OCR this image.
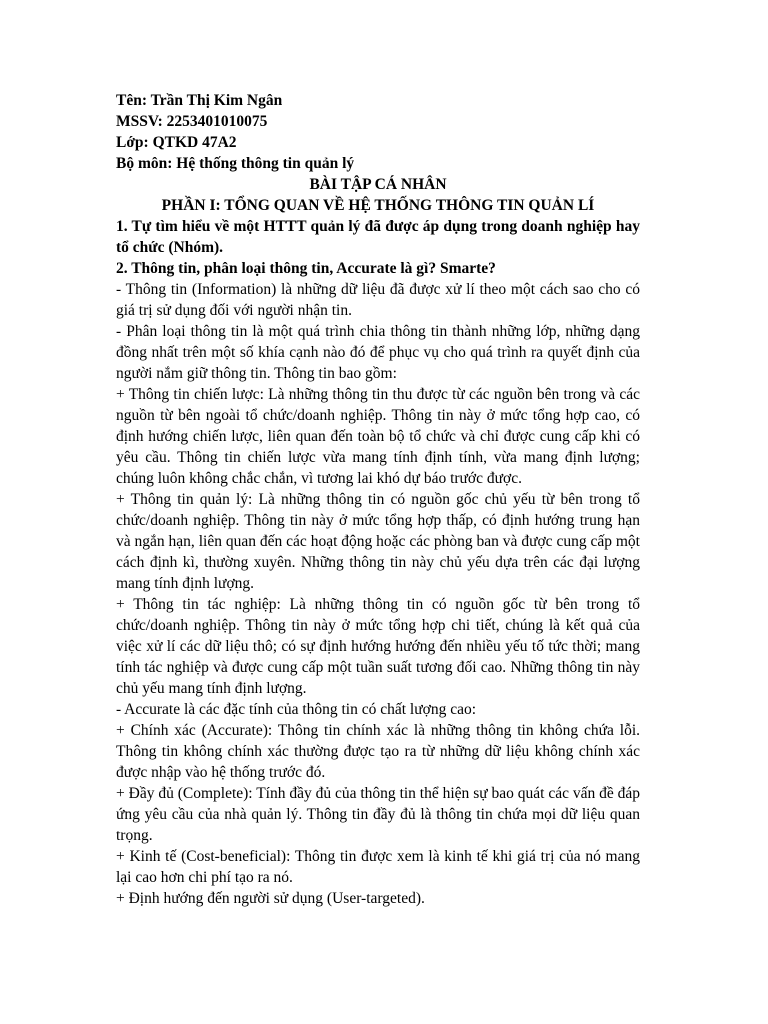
Tên: Trần Thị Kim Ngân
MSSV: 2253401010075
Lớp: QTKD 47A2
Bộ môn: Hệ thống thông tin quản lý
BÀI TẬP CÁ NHÂN
PHẦN I: TỔNG QUAN VỀ HỆ THỐNG THÔNG TIN QUẢN LÍ
1. Tự tìm hiểu về một HTTT quản lý đã được áp dụng trong doanh nghiệp hay tổ chức (Nhóm).
2. Thông tin, phân loại thông tin, Accurate là gì? Smarte?
- Thông tin (Information) là những dữ liệu đã được xử lí theo một cách sao cho có giá trị sử dụng đối với người nhận tin.
- Phân loại thông tin là một quá trình chia thông tin thành những lớp, những dạng đồng nhất trên một số khía cạnh nào đó để phục vụ cho quá trình ra quyết định của người nắm giữ thông tin. Thông tin bao gồm:
+ Thông tin chiến lược: Là những thông tin thu được từ các nguồn bên trong và các nguồn từ bên ngoài tổ chức/doanh nghiệp. Thông tin này ở mức tổng hợp cao, có định hướng chiến lược, liên quan đến toàn bộ tổ chức và chỉ được cung cấp khi có yêu cầu. Thông tin chiến lược vừa mang tính định tính, vừa mang định lượng; chúng luôn không chắc chắn, vì tương lai khó dự báo trước được.
+ Thông tin quản lý: Là những thông tin có nguồn gốc chủ yếu từ bên trong tổ chức/doanh nghiệp. Thông tin này ở mức tổng hợp thấp, có định hướng trung hạn và ngắn hạn, liên quan đến các hoạt động hoặc các phòng ban và được cung cấp một cách định kì, thường xuyên. Những thông tin này chủ yếu dựa trên các đại lượng mang tính định lượng.
+ Thông tin tác nghiệp: Là những thông tin có nguồn gốc từ bên trong tổ chức/doanh nghiệp. Thông tin này ở mức tổng hợp chi tiết, chúng là kết quả của việc xử lí các dữ liệu thô; có sự định hướng hướng đến nhiều yếu tố tức thời; mang tính tác nghiệp và được cung cấp một tuần suất tương đối cao. Những thông tin này chủ yếu mang tính định lượng.
- Accurate là các đặc tính của thông tin có chất lượng cao:
+ Chính xác (Accurate): Thông tin chính xác là những thông tin không chứa lỗi. Thông tin không chính xác thường được tạo ra từ những dữ liệu không chính xác được nhập vào hệ thống trước đó.
+ Đầy đủ (Complete): Tính đầy đủ của thông tin thể hiện sự bao quát các vấn đề đáp ứng yêu cầu của nhà quản lý. Thông tin đầy đủ là thông tin chứa mọi dữ liệu quan trọng.
+ Kinh tế (Cost-beneficial): Thông tin được xem là kinh tế khi giá trị của nó mang lại cao hơn chi phí tạo ra nó.
+ Định hướng đến người sử dụng (User-targeted).
